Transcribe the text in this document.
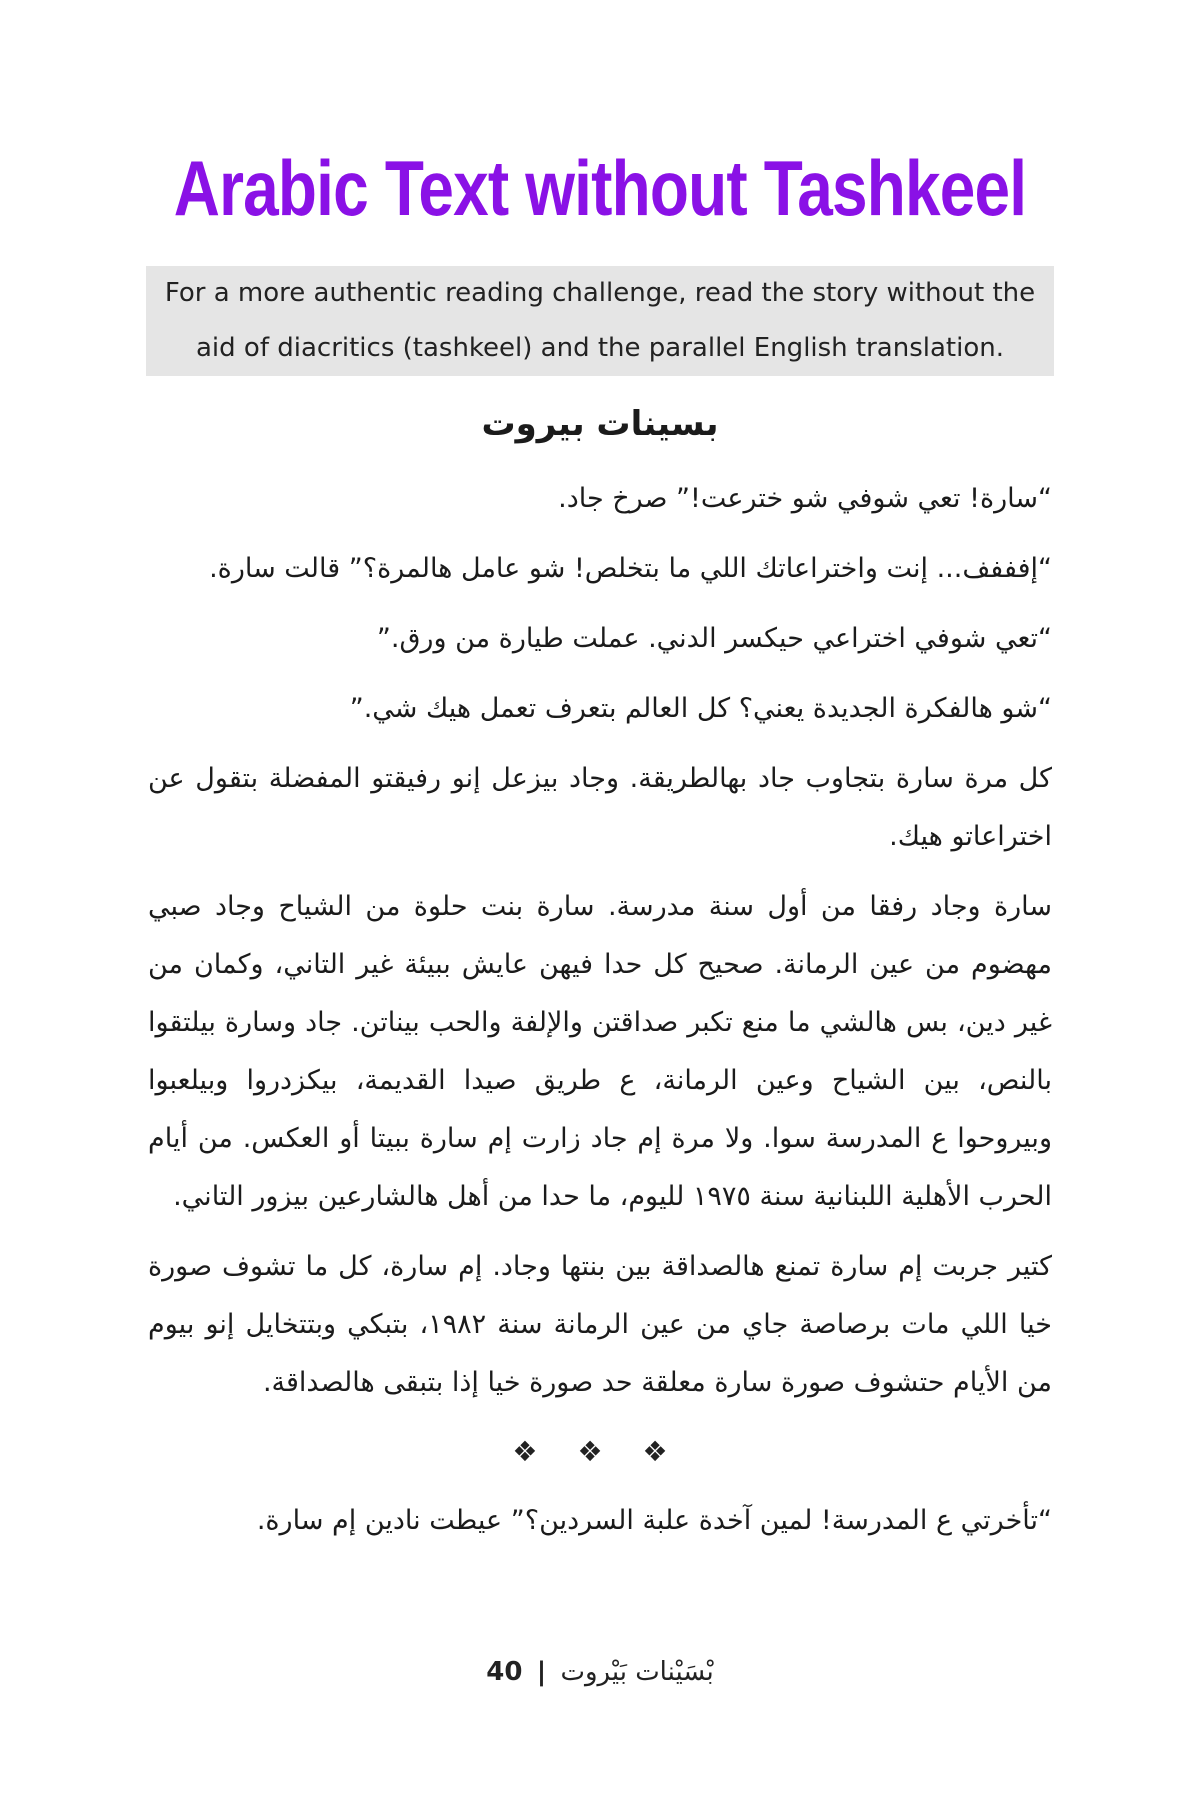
Arabic Text without Tashkeel
For a more authentic reading challenge, read the story without the
aid of diacritics (tashkeel) and the parallel English translation.
بسينات بيروت

“سارة! تعي شوفي شو خترعت!” صرخ جاد.

“إفففف... إنت واختراعاتك اللي ما بتخلص! شو عامل هالمرة؟” قالت سارة.

“تعي شوفي اختراعي حيكسر الدني. عملت طيارة من ورق.”

“شو هالفكرة الجديدة يعني؟ كل العالم بتعرف تعمل هيك شي.”

كل مرة سارة بتجاوب جاد بهالطريقة. وجاد بيزعل إنو رفيقتو المفضلة بتقول عن اختراعاتو هيك.

سارة وجاد رفقا من أول سنة مدرسة. سارة بنت حلوة من الشياح وجاد صبي مهضوم من عين الرمانة. صحيح كل حدا فيهن عايش ببيئة غير التاني، وكمان من غير دين، بس هالشي ما منع تكبر صداقتن والإلفة والحب بيناتن. جاد وسارة بيلتقوا بالنص، بين الشياح وعين الرمانة، ع طريق صيدا القديمة، بيكزدروا وبيلعبوا وبيروحوا ع المدرسة سوا. ولا مرة إم جاد زارت إم سارة ببيتا أو العكس. من أيام الحرب الأهلية اللبنانية سنة ١٩٧٥ لليوم، ما حدا من أهل هالشارعين بيزور التاني.

كتير جربت إم سارة تمنع هالصداقة بين بنتها وجاد. إم سارة، كل ما تشوف صورة خيا اللي مات برصاصة جاي من عين الرمانة سنة ١٩٨٢، بتبكي وبتتخايل إنو بيوم من الأيام حتشوف صورة سارة معلقة حد صورة خيا إذا بتبقى هالصداقة.

❖ ❖ ❖

“تأخرتي ع المدرسة! لمين آخدة علبة السردين؟” عيطت نادين إم سارة.

بْسَيْنات بَيْروت | 40
